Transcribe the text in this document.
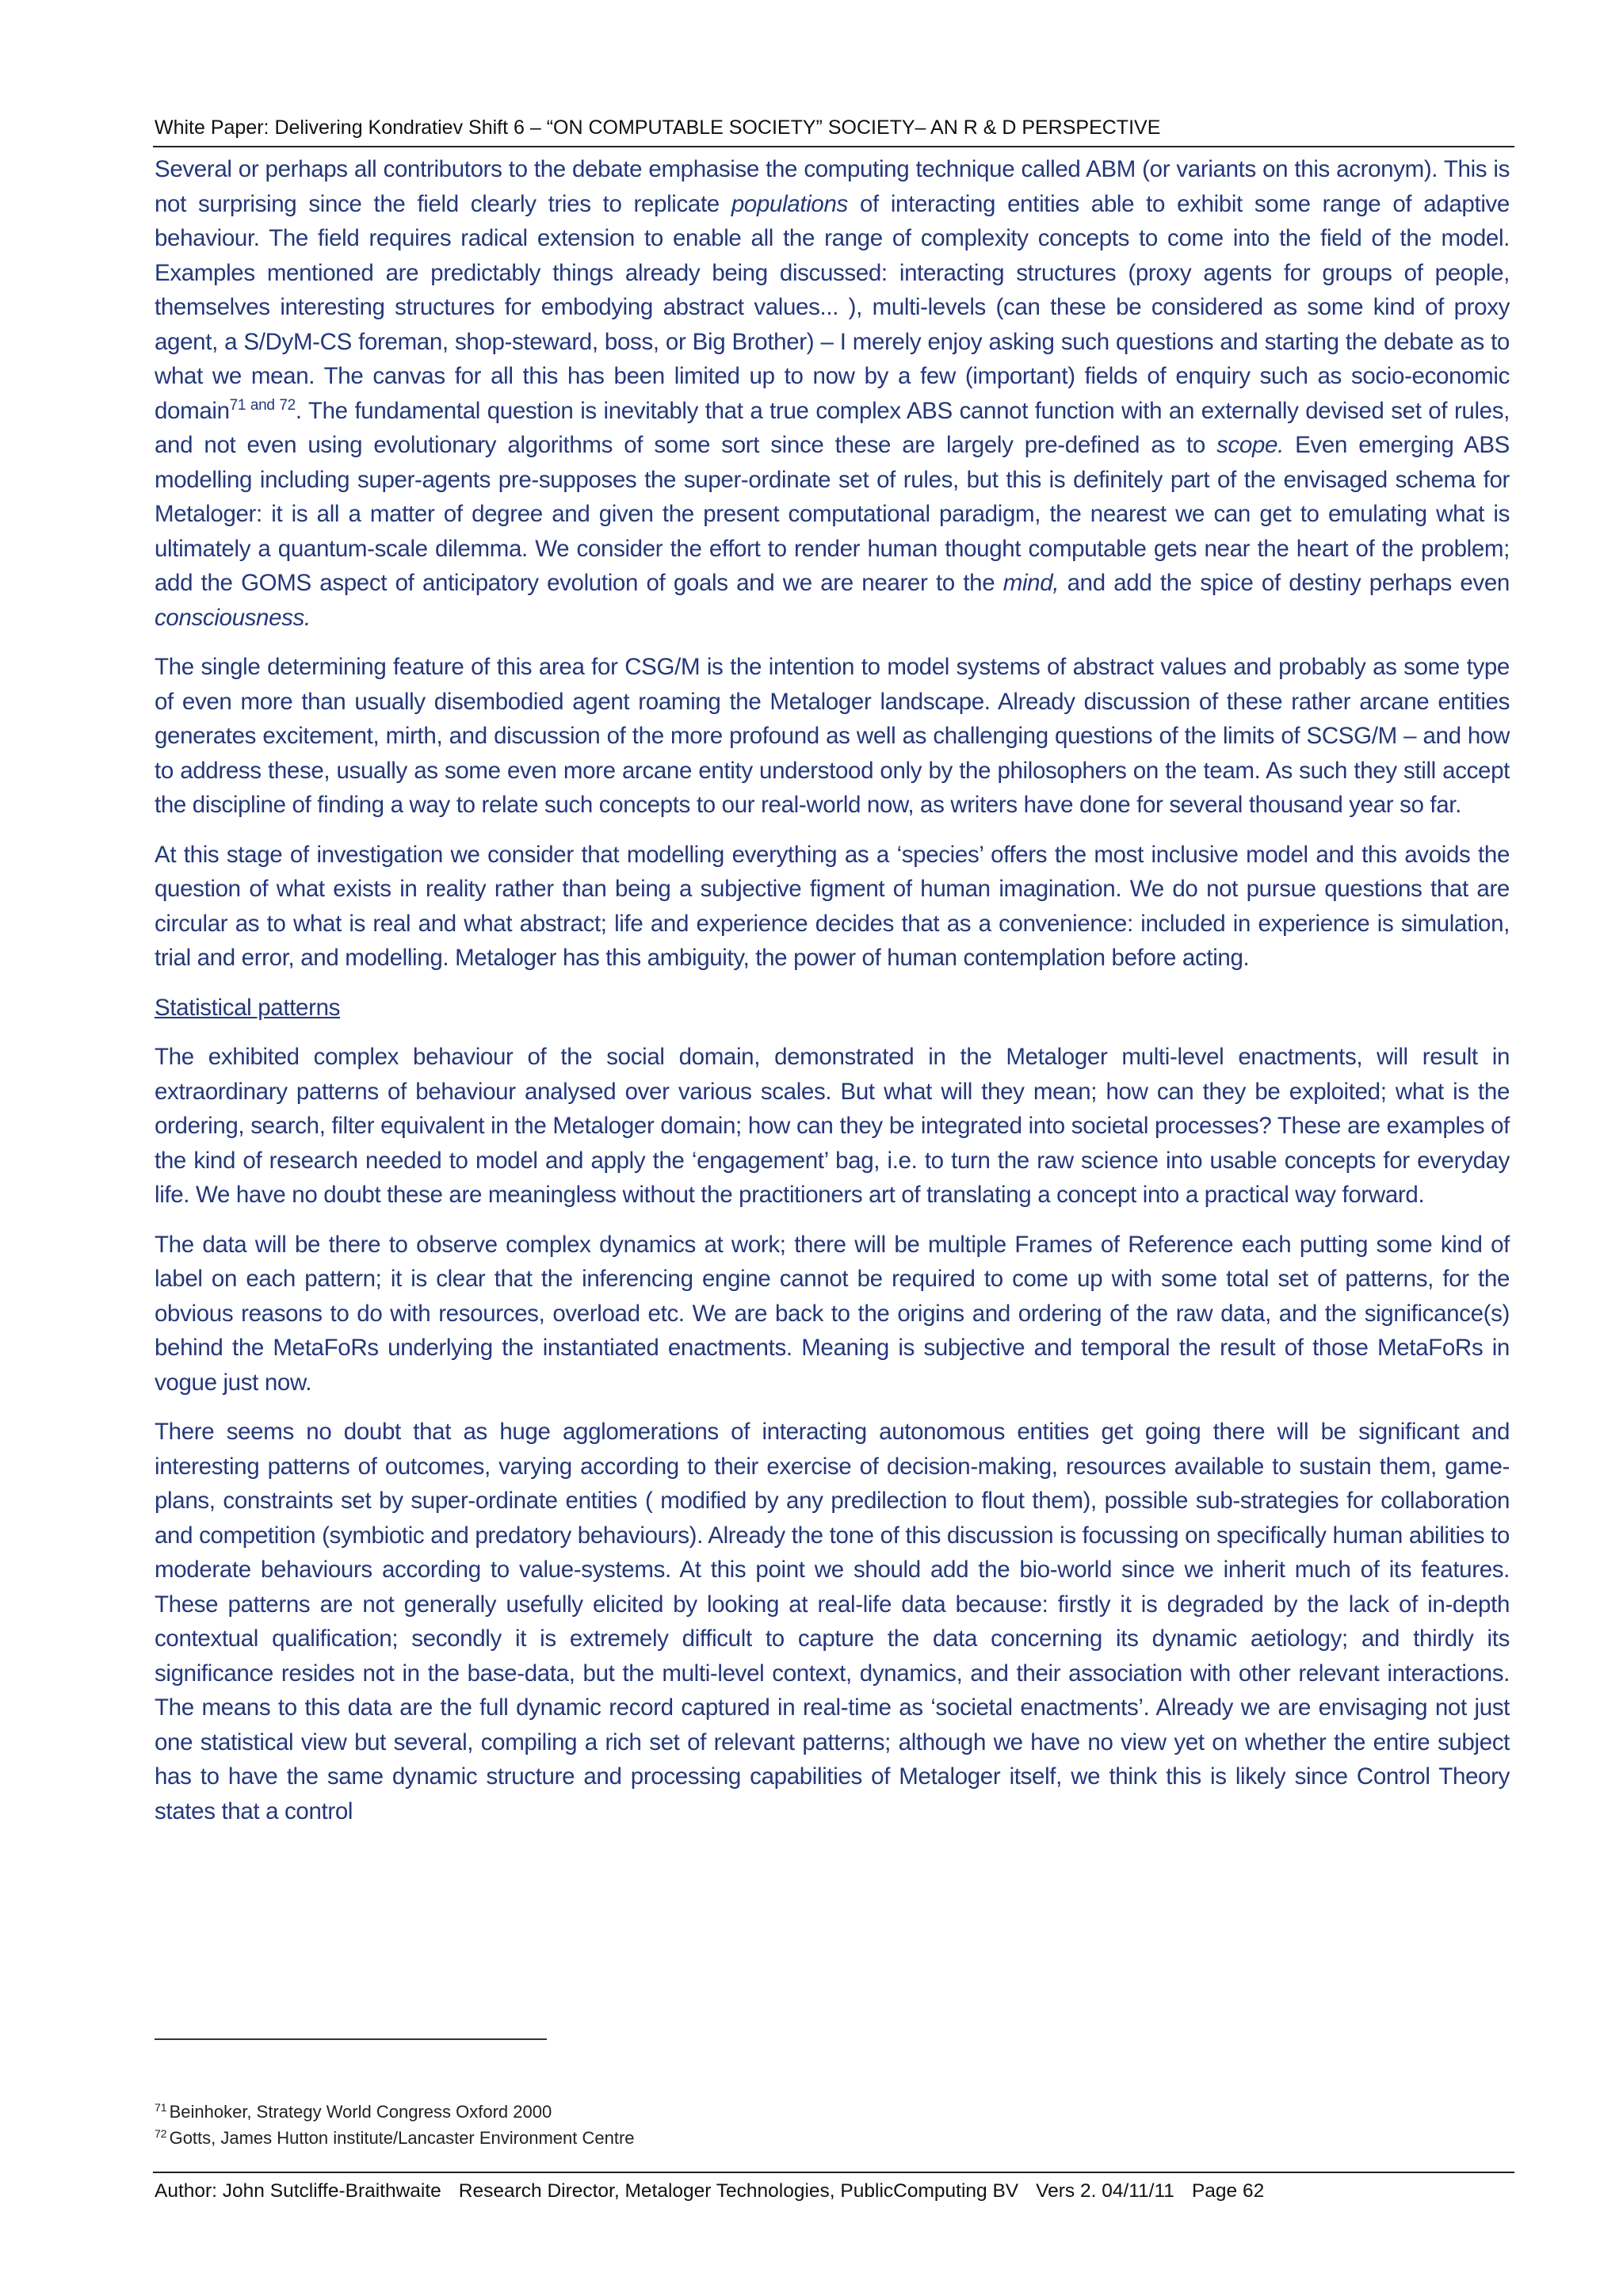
White Paper: Delivering Kondratiev Shift 6 – “ON COMPUTABLE SOCIETY” SOCIETY– AN R & D PERSPECTIVE

Several or perhaps all contributors to the debate emphasise the computing technique called ABM (or variants on this acronym). This is not surprising since the field clearly tries to replicate populations of interacting entities able to exhibit some range of adaptive behaviour. The field requires radical extension to enable all the range of complexity concepts to come into the field of the model. Examples mentioned are predictably things already being discussed: interacting structures (proxy agents for groups of people, themselves interesting structures for embodying abstract values... ), multi-levels (can these be considered as some kind of proxy agent, a S/DyM-CS foreman, shop-steward, boss, or Big Brother) – I merely enjoy asking such questions and starting the debate as to what we mean. The canvas for all this has been limited up to now by a few (important) fields of enquiry such as socio-economic domain$^{71 and 72}$. The fundamental question is inevitably that a true complex ABS cannot function with an externally devised set of rules, and not even using evolutionary algorithms of some sort since these are largely pre-defined as to scope. Even emerging ABS modelling including super-agents pre-supposes the super-ordinate set of rules, but this is definitely part of the envisaged schema for Metaloger: it is all a matter of degree and given the present computational paradigm, the nearest we can get to emulating what is ultimately a quantum-scale dilemma. We consider the effort to render human thought computable gets near the heart of the problem; add the GOMS aspect of anticipatory evolution of goals and we are nearer to the mind, and add the spice of destiny perhaps even consciousness.

The single determining feature of this area for CSG/M is the intention to model systems of abstract values and probably as some type of even more than usually disembodied agent roaming the Metaloger landscape. Already discussion of these rather arcane entities generates excitement, mirth, and discussion of the more profound as well as challenging questions of the limits of SCSG/M – and how to address these, usually as some even more arcane entity understood only by the philosophers on the team. As such they still accept the discipline of finding a way to relate such concepts to our real-world now, as writers have done for several thousand year so far.

At this stage of investigation we consider that modelling everything as a ‘species’ offers the most inclusive model and this avoids the question of what exists in reality rather than being a subjective figment of human imagination. We do not pursue questions that are circular as to what is real and what abstract; life and experience decides that as a convenience: included in experience is simulation, trial and error, and modelling. Metaloger has this ambiguity, the power of human contemplation before acting.

Statistical patterns

The exhibited complex behaviour of the social domain, demonstrated in the Metaloger multi-level enactments, will result in extraordinary patterns of behaviour analysed over various scales. But what will they mean; how can they be exploited; what is the ordering, search, filter equivalent in the Metaloger domain; how can they be integrated into societal processes? These are examples of the kind of research needed to model and apply the ‘engagement’ bag, i.e. to turn the raw science into usable concepts for everyday life. We have no doubt these are meaningless without the practitioners art of translating a concept into a practical way forward.

The data will be there to observe complex dynamics at work; there will be multiple Frames of Reference each putting some kind of label on each pattern; it is clear that the inferencing engine cannot be required to come up with some total set of patterns, for the obvious reasons to do with resources, overload etc. We are back to the origins and ordering of the raw data, and the significance(s) behind the MetaFoRs underlying the instantiated enactments. Meaning is subjective and temporal the result of those MetaFoRs in vogue just now.

There seems no doubt that as huge agglomerations of interacting autonomous entities get going there will be significant and interesting patterns of outcomes, varying according to their exercise of decision-making, resources available to sustain them, game-plans, constraints set by super-ordinate entities ( modified by any predilection to flout them), possible sub-strategies for collaboration and competition (symbiotic and predatory behaviours). Already the tone of this discussion is focussing on specifically human abilities to moderate behaviours according to value-systems. At this point we should add the bio-world since we inherit much of its features. These patterns are not generally usefully elicited by looking at real-life data because: firstly it is degraded by the lack of in-depth contextual qualification; secondly it is extremely difficult to capture the data concerning its dynamic aetiology; and thirdly its significance resides not in the base-data, but the multi-level context, dynamics, and their association with other relevant interactions. The means to this data are the full dynamic record captured in real-time as ‘societal enactments’. Already we are envisaging not just one statistical view but several, compiling a rich set of relevant patterns; although we have no view yet on whether the entire subject has to have the same dynamic structure and processing capabilities of Metaloger itself, we think this is likely since Control Theory states that a control

$^{71}$ Beinhoker, Strategy World Congress Oxford 2000
$^{72}$ Gotts, James Hutton institute/Lancaster Environment Centre
Author: John Sutcliffe-Braithwaite Research Director, Metaloger Technologies, PublicComputing BV Vers 2. 04/11/11 Page 62
